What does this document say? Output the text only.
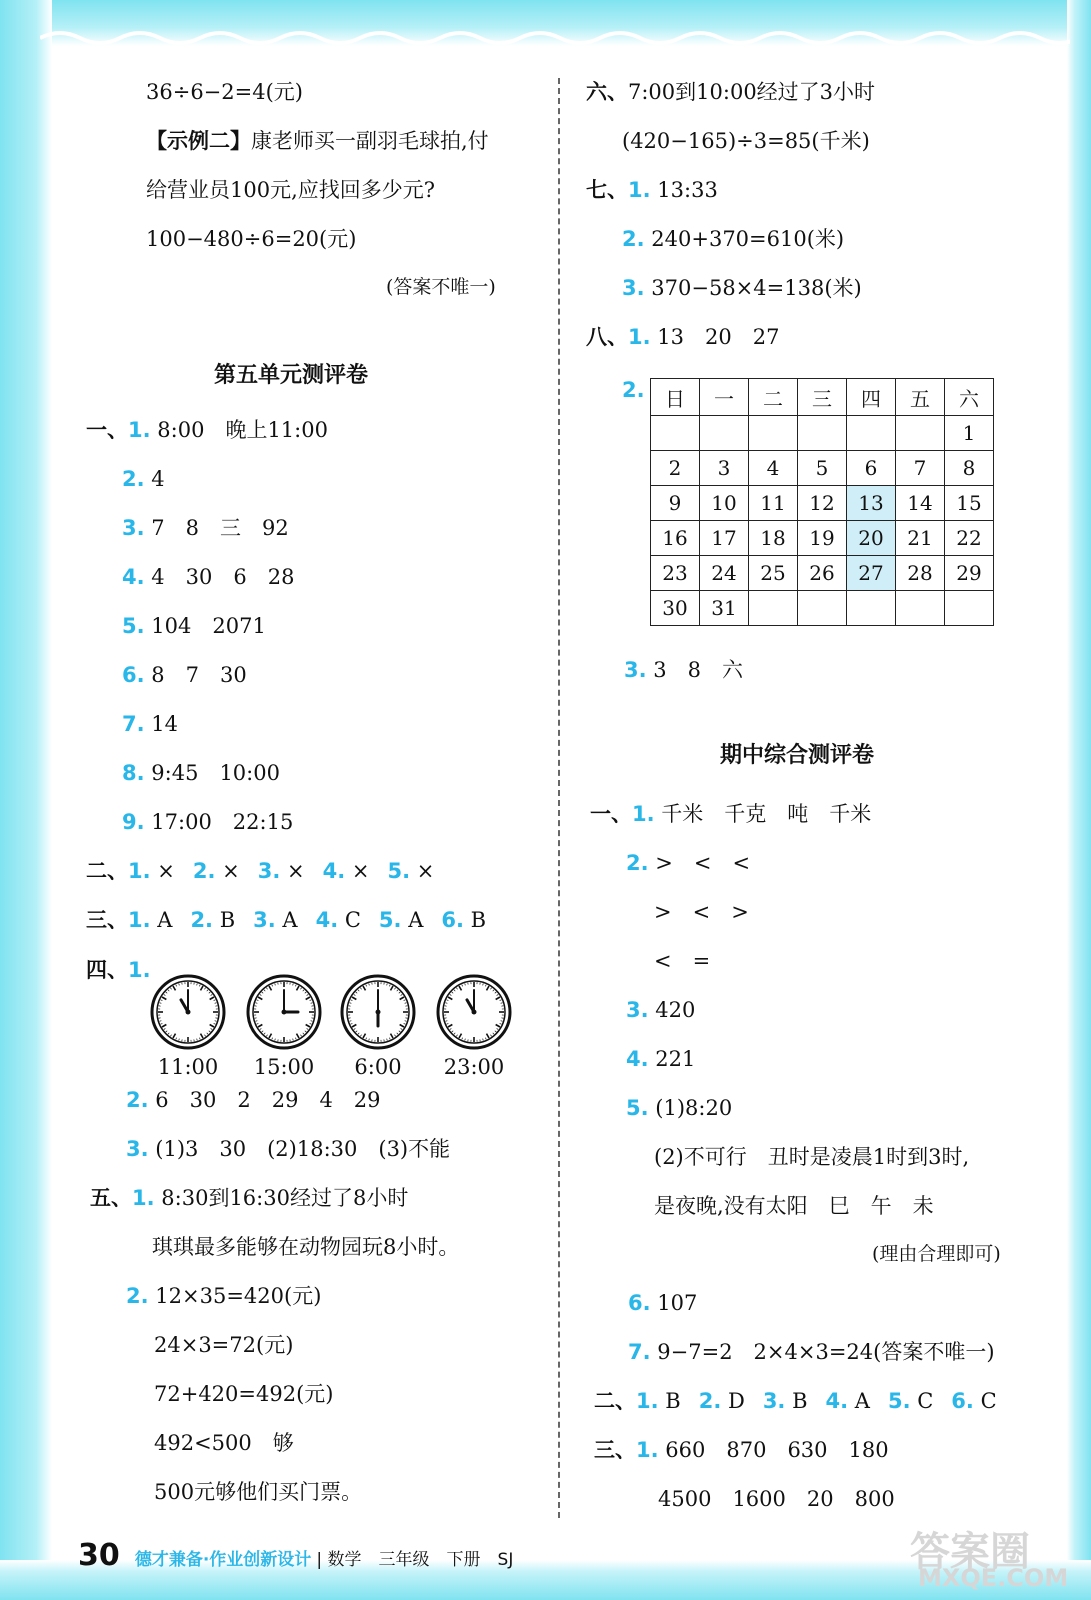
36÷6−2=4(元)
【示例二】康老师买一副羽毛球拍,付
给营业员100元,应找回多少元?
100−480÷6=20(元)
(答案不唯一)
第五单元测评卷
一、1. 8:00　晚上11:00
2. 4
3. 7　8　三　92
4. 4　30　6　28
5. 104　2071
6. 8　7　30
7. 14
8. 9:45　10:00
9. 17:00　22:15
二、1. × 2. × 3. × 4. × 5. ×
三、1. A 2. B 3. A 4. C 5. A 6. B
四、1.
11:00	15:00	6:00	23:00
2. 6　30　2　29　4　29
3. (1)3　30　(2)18:30　(3)不能
五、1. 8:30到16:30经过了8小时
琪琪最多能够在动物园玩8小时。
2. 12×35=420(元)
24×3=72(元)
72+420=492(元)
492<500　够
500元够他们买门票。
六、7:00到10:00经过了3小时
(420−165)÷3=85(千米)
七、1. 13:33
2. 240+370=610(米)
3. 370−58×4=138(米)
八、1. 13　20　27
2. 日	一	二	三	四	五	六
						1
2	3	4	5	6	7	8
9	10	11	12	13	14	15
16	17	18	19	20	21	22
23	24	25	26	27	28	29
30	31					
3. 3　8　六
期中综合测评卷
一、1. 千米　千克　吨　千米
2. >　<　<
>　<　>
<　=
3. 420
4. 221
5. (1)8:20
(2)不可行　丑时是凌晨1时到3时,
是夜晚,没有太阳　巳　午　未
(理由合理即可)
6. 107
7. 9−7=2　2×4×3=24(答案不唯一)
二、1. B 2. D 3. B 4. A 5. C 6. C
三、1. 660　870　630　180
4500　1600　20　800
30 德才兼备·作业创新设计 | 数学　三年级　下册　SJ	答案圈
MXQE.COM
